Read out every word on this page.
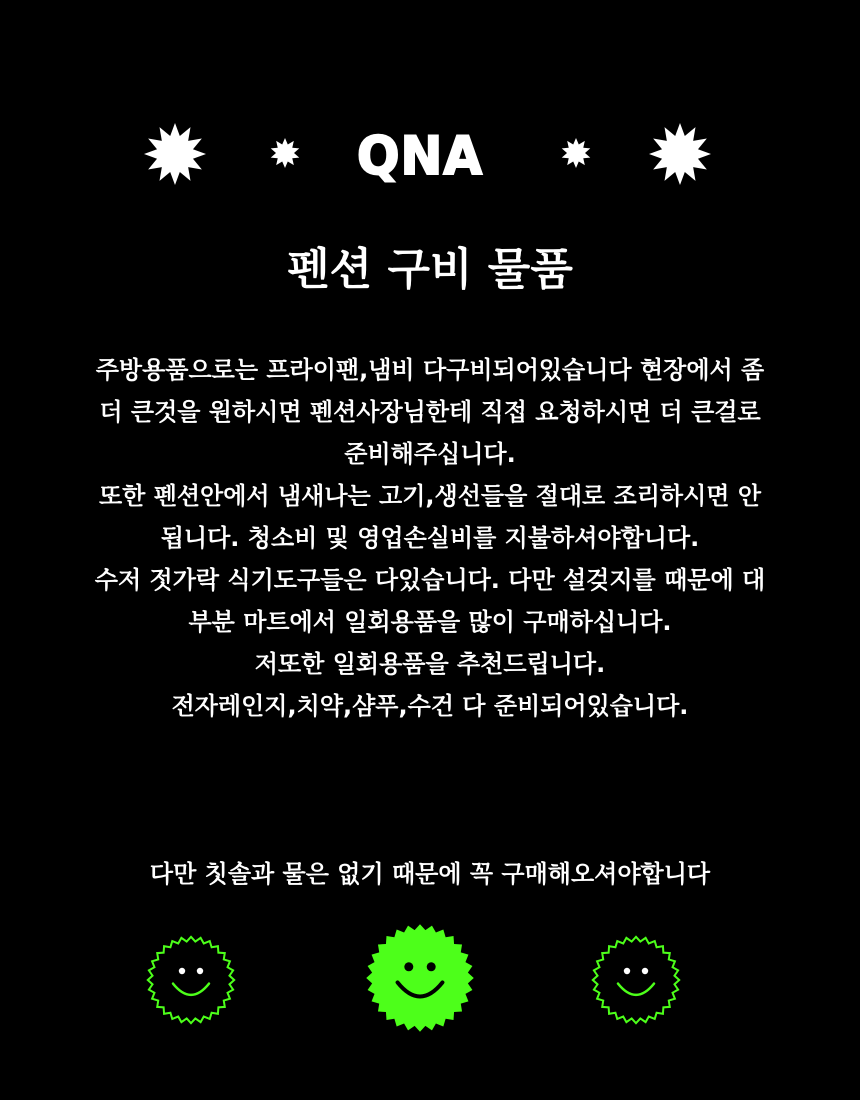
QNA
펜션 구비 물품

주방용품으로는 프라이팬,냄비 다구비되어있습니다 현장에서 좀 더 큰것을 원하시면 펜션사장님한테 직접 요청하시면 더 큰걸로 준비해주십니다.

또한 펜션안에서 냄새나는 고기,생선들을 절대로 조리하시면 안됩니다. 청소비 및 영업손실비를 지불하셔야합니다.

수저 젓가락 식기도구들은 다있습니다. 다만 설겆지를 때문에 대부분 마트에서 일회용품을 많이 구매하십니다.

저또한 일회용품을 추천드립니다.

전자레인지,치약,샴푸,수건 다 준비되어있습니다.

다만 칫솔과 물은 없기 때문에 꼭 구매해오셔야합니다
